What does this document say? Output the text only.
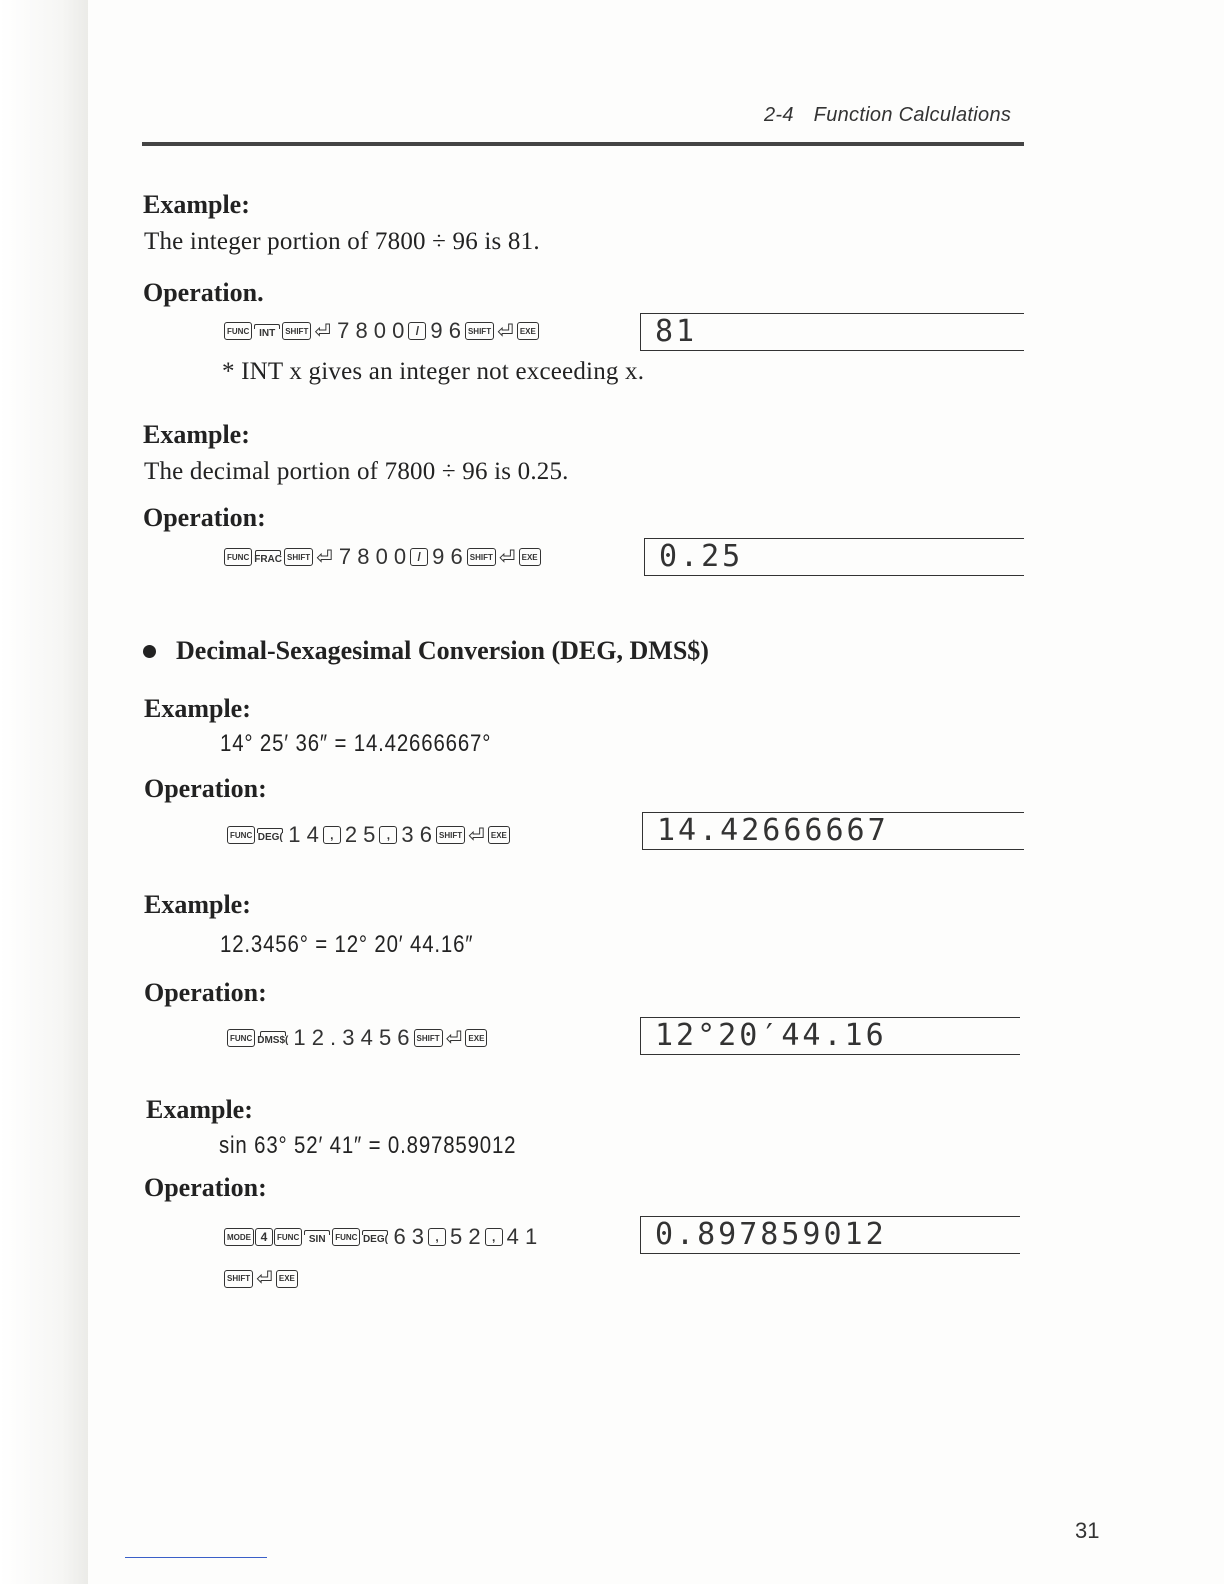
2-4 Function Calculations
Example:
The integer portion of 7800 ÷ 96 is 81.
Operation.
FUNC INT	SHIFT ⏎ 7 8 0 0 / 9 6 SHIFT ⏎ EXE	81
* INT x gives an integer not exceeding x.
Example:
The decimal portion of 7800 ÷ 96 is 0.25.
Operation:
FUNC FRAC SHIFT ⏎ 7 8 0 0 / 9 6 SHIFT ⏎ EXE	0.25
Decimal-Sexagesimal Conversion (DEG, DMS$)
Example:
14° 25′ 36″ = 14.42666667°
Operation:
FUNC DEG( 1 4 , 2 5 , 3 6 SHIFT ⏎ EXE	14.42666667
Example:
12.3456° = 12° 20′ 44.16″
Operation:
FUNC DMS$( 1 2 . 3 4 5 6 SHIFT ⏎ EXE	12°20′44.16
Example:
sin 63° 52′ 41″ = 0.897859012
Operation:
MODE 4	FUNC SIN	FUNC DEG( 6 3 , 5 2 , 4 1
SHIFT ⏎ EXE
0.897859012
31
